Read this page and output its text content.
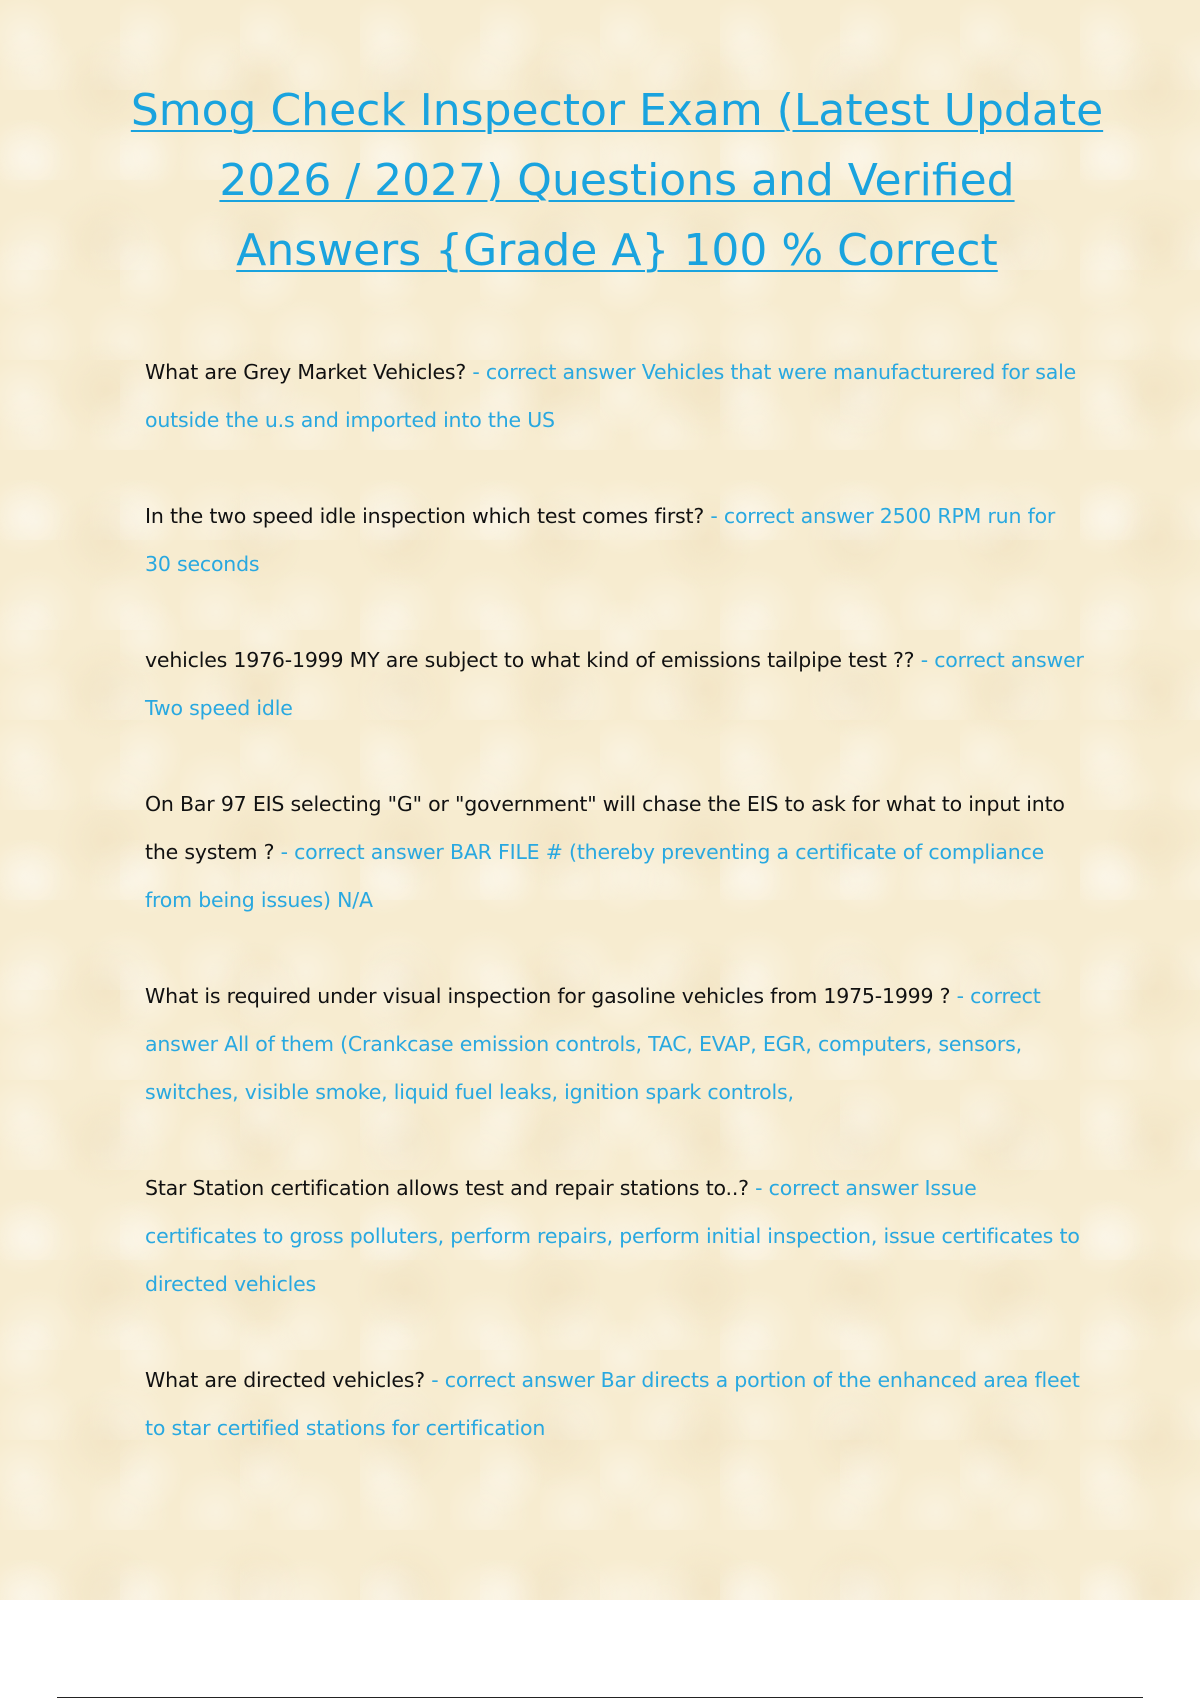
Smog Check Inspector Exam (Latest Update 2026 / 2027) Questions and Verified Answers {Grade A} 100 % Correct

What are Grey Market Vehicles? - correct answer Vehicles that were manufacturered for sale outside the u.s and imported into the US

In the two speed idle inspection which test comes first? - correct answer 2500 RPM run for 30 seconds

vehicles 1976-1999 MY are subject to what kind of emissions tailpipe test ?? - correct answer Two speed idle

On Bar 97 EIS selecting "G" or "government" will chase the EIS to ask for what to input into the system ? - correct answer BAR FILE # (thereby preventing a certificate of compliance from being issues) N/A

What is required under visual inspection for gasoline vehicles from 1975-1999 ? - correct answer All of them (Crankcase emission controls, TAC, EVAP, EGR, computers, sensors, switches, visible smoke, liquid fuel leaks, ignition spark controls,

Star Station certification allows test and repair stations to..? - correct answer Issue certificates to gross polluters, perform repairs, perform initial inspection, issue certificates to directed vehicles

What are directed vehicles? - correct answer Bar directs a portion of the enhanced area fleet to star certified stations for certification
